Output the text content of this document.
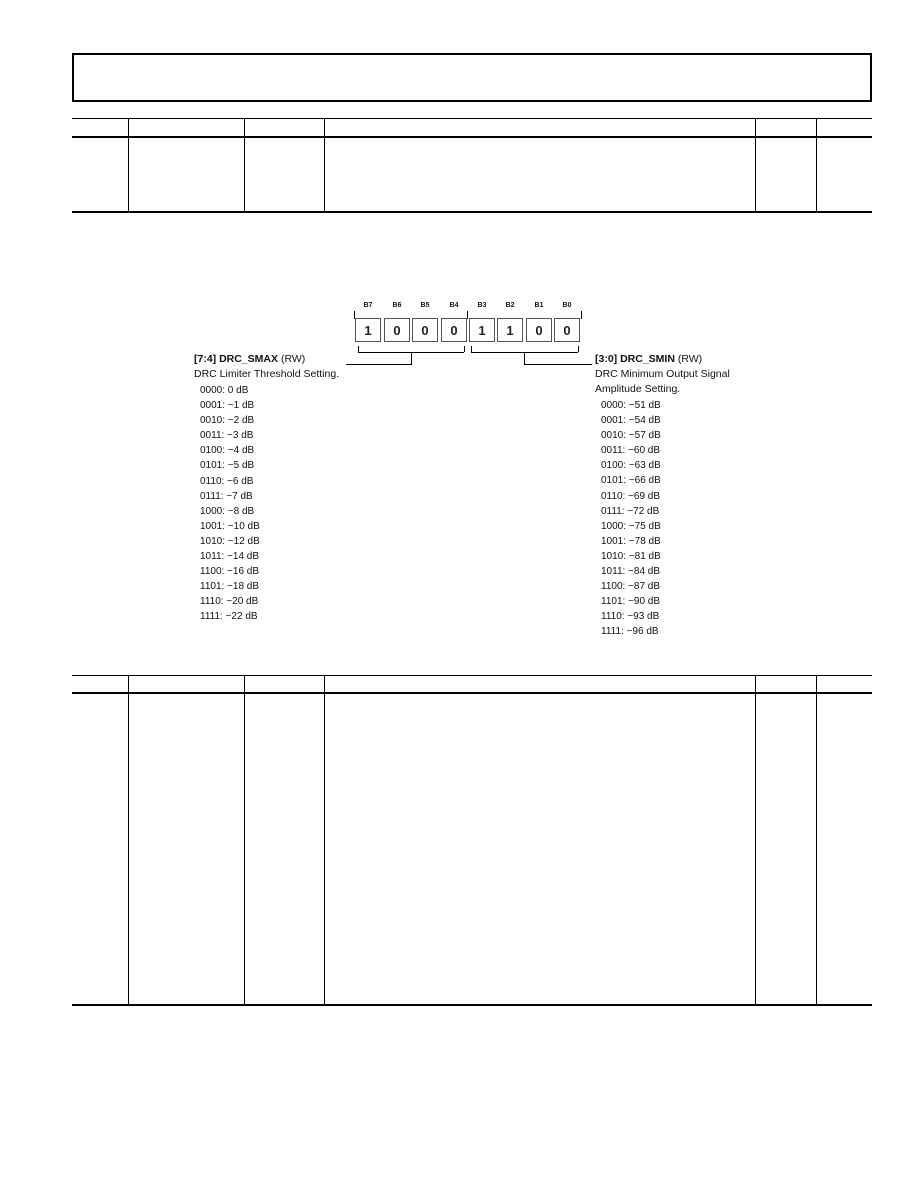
B7	B6	B5	B4	B3	B2	B1	B0
1	0	0	0	1	1	0	0
[7:4] DRC_SMAX (RW)
DRC Limiter Threshold Setting.
0000: 0 dB
0001: −1 dB
0010: −2 dB
0011: −3 dB
0100: −4 dB
0101: −5 dB
0110: −6 dB
0111: −7 dB
1000: −8 dB
1001: −10 dB
1010: −12 dB
1011: −14 dB
1100: −16 dB
1101: −18 dB
1110: −20 dB
1111: −22 dB
[3:0] DRC_SMIN (RW)
DRC Minimum Output Signal
Amplitude Setting.
0000: −51 dB
0001: −54 dB
0010: −57 dB
0011: −60 dB
0100: −63 dB
0101: −66 dB
0110: −69 dB
0111: −72 dB
1000: −75 dB
1001: −78 dB
1010: −81 dB
1011: −84 dB
1100: −87 dB
1101: −90 dB
1110: −93 dB
1111: −96 dB
